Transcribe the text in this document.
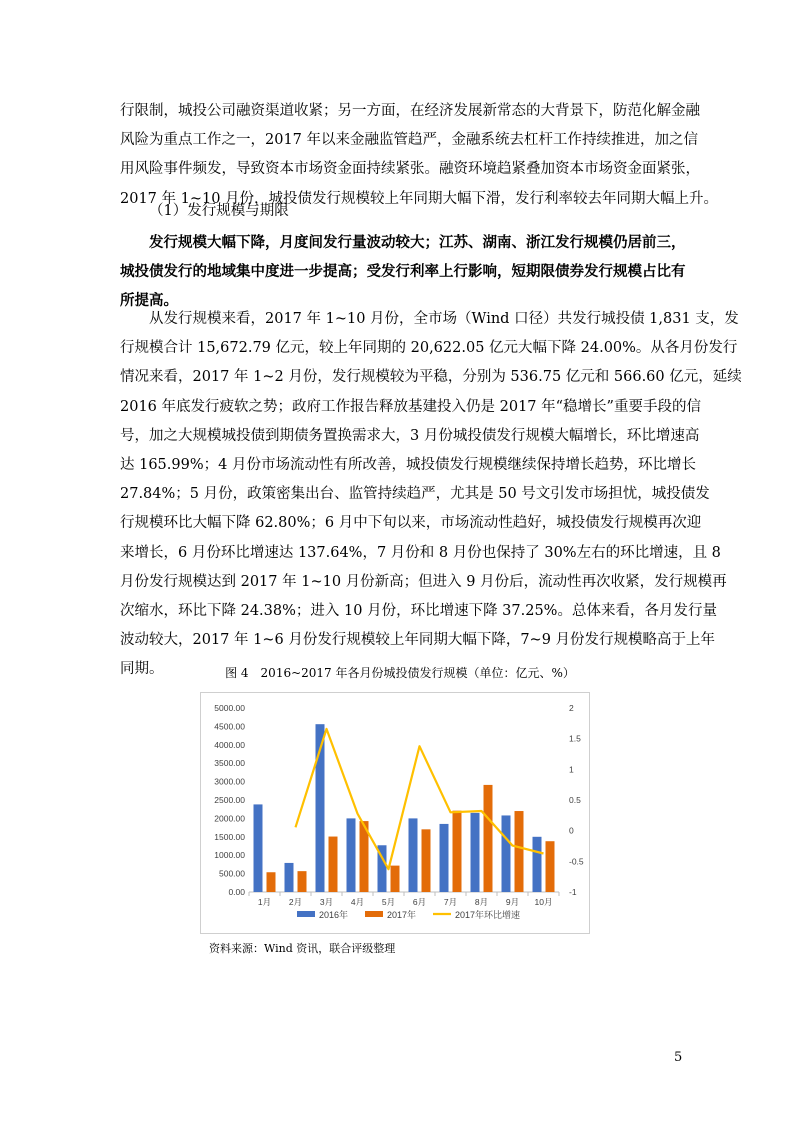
行限制，城投公司融资渠道收紧；另一方面，在经济发展新常态的大背景下，防范化解金融
风险为重点工作之一，2017 年以来金融监管趋严，金融系统去杠杆工作持续推进，加之信
用风险事件频发，导致资本市场资金面持续紧张。融资环境趋紧叠加资本市场资金面紧张，
2017 年 1~10 月份，城投债发行规模较上年同期大幅下滑，发行利率较去年同期大幅上升。

（1）发行规模与期限

发行规模大幅下降，月度间发行量波动较大；江苏、湖南、浙江发行规模仍居前三，
城投债发行的地域集中度进一步提高；受发行利率上行影响，短期限债券发行规模占比有
所提高。
从发行规模来看，2017 年 1~10 月份，全市场（Wind 口径）共发行城投债 1,831 支，发
行规模合计 15,672.79 亿元，较上年同期的 20,622.05 亿元大幅下降 24.00%。从各月份发行
情况来看，2017 年 1~2 月份，发行规模较为平稳，分别为 536.75 亿元和 566.60 亿元，延续
2016 年底发行疲软之势；政府工作报告释放基建投入仍是 2017 年“稳增长”重要手段的信
号，加之大规模城投债到期债务置换需求大，3 月份城投债发行规模大幅增长，环比增速高
达 165.99%；4 月份市场流动性有所改善，城投债发行规模继续保持增长趋势，环比增长
27.84%；5 月份，政策密集出台、监管持续趋严，尤其是 50 号文引发市场担忧，城投债发
行规模环比大幅下降 62.80%；6 月中下旬以来，市场流动性趋好，城投债发行规模再次迎
来增长，6 月份环比增速达 137.64%，7 月份和 8 月份也保持了 30%左右的环比增速，且 8
月份发行规模达到 2017 年 1~10 月份新高；但进入 9 月份后，流动性再次收紧，发行规模再
次缩水，环比下降 24.38%；进入 10 月份，环比增速下降 37.25%。总体来看，各月发行量
波动较大，2017 年 1~6 月份发行规模较上年同期大幅下降，7~9 月份发行规模略高于上年
同期。	图 4　2016~2017 年各月份城投债发行规模（单位：亿元、%）

0.00
500.00
1000.00
1500.00
2000.00
2500.00
3000.00
3500.00
4000.00
4500.00
5000.00
-1
-0.5
0
0.5
1
1.5
2
1月 2月 3月 4月 5月 6月 7月 8月 9月 10月
2016年	2017年	2017年环比增速

资料来源：Wind 资讯，联合评级整理

5
